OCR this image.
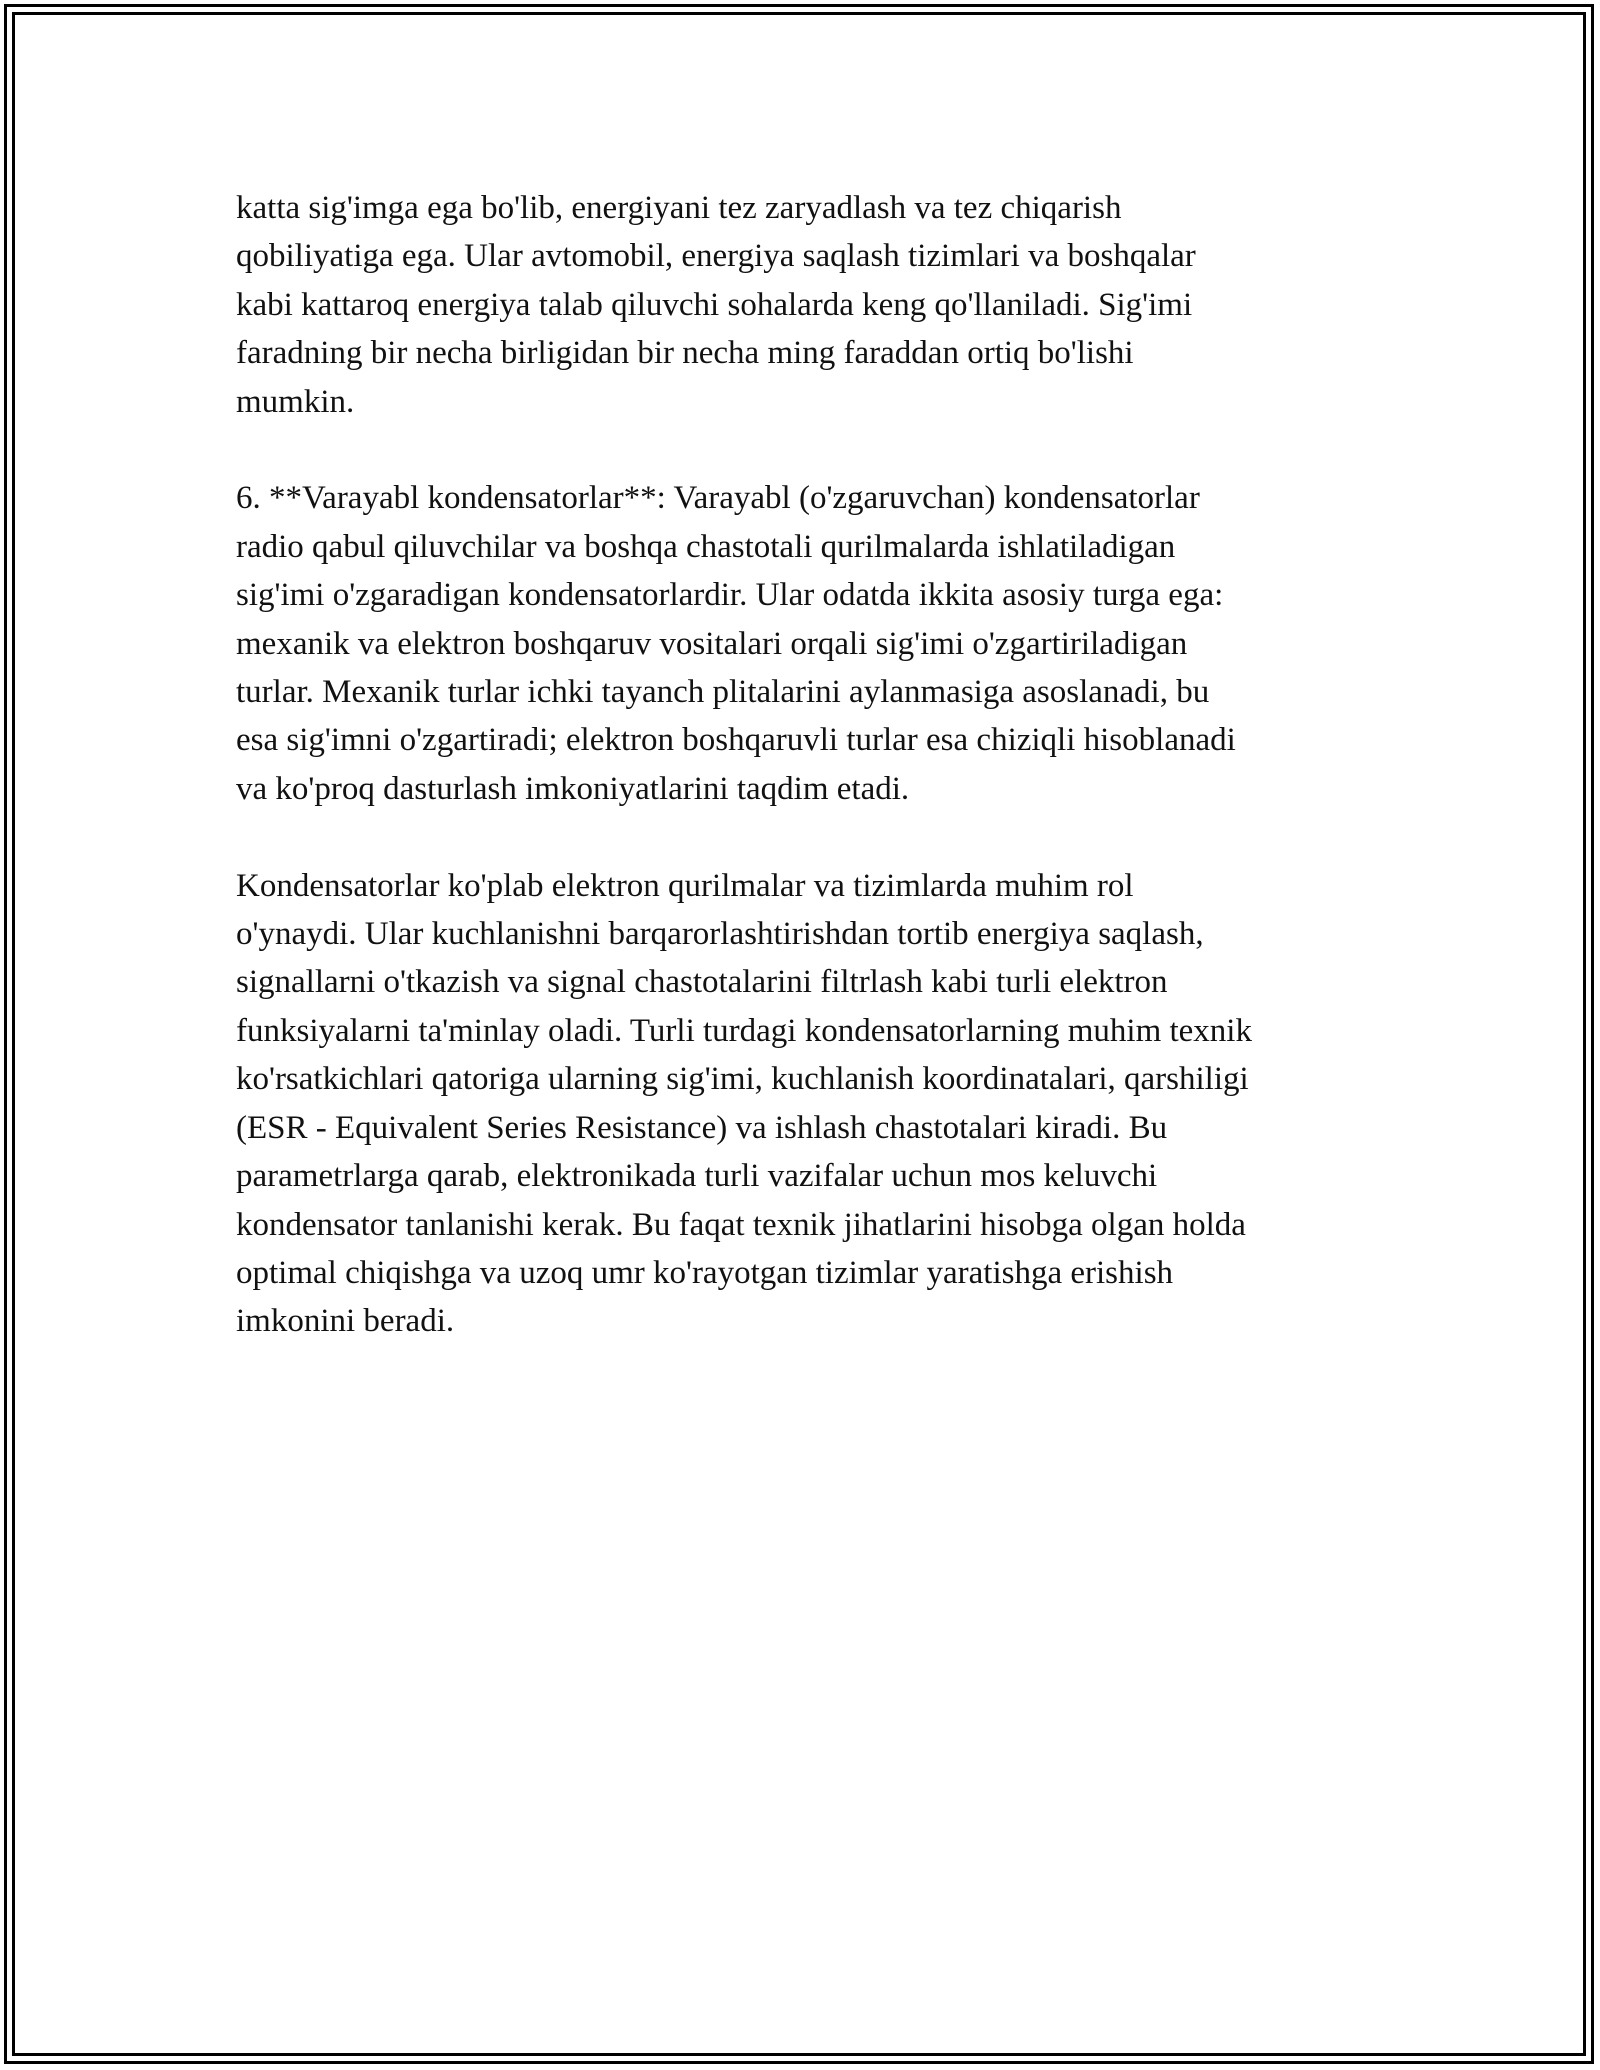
katta sig'imga ega bo'lib, energiyani tez zaryadlash va tez chiqarish
qobiliyatiga ega. Ular avtomobil, energiya saqlash tizimlari va boshqalar
kabi kattaroq energiya talab qiluvchi sohalarda keng qo'llaniladi. Sig'imi
faradning bir necha birligidan bir necha ming faraddan ortiq bo'lishi
mumkin.

6. **Varayabl kondensatorlar**: Varayabl (o'zgaruvchan) kondensatorlar
radio qabul qiluvchilar va boshqa chastotali qurilmalarda ishlatiladigan
sig'imi o'zgaradigan kondensatorlardir. Ular odatda ikkita asosiy turga ega:
mexanik va elektron boshqaruv vositalari orqali sig'imi o'zgartiriladigan
turlar. Mexanik turlar ichki tayanch plitalarini aylanmasiga asoslanadi, bu
esa sig'imni o'zgartiradi; elektron boshqaruvli turlar esa chiziqli hisoblanadi
va ko'proq dasturlash imkoniyatlarini taqdim etadi.

Kondensatorlar ko'plab elektron qurilmalar va tizimlarda muhim rol
o'ynaydi. Ular kuchlanishni barqarorlashtirishdan tortib energiya saqlash,
signallarni o'tkazish va signal chastotalarini filtrlash kabi turli elektron
funksiyalarni ta'minlay oladi. Turli turdagi kondensatorlarning muhim texnik
ko'rsatkichlari qatoriga ularning sig'imi, kuchlanish koordinatalari, qarshiligi
(ESR - Equivalent Series Resistance) va ishlash chastotalari kiradi. Bu
parametrlarga qarab, elektronikada turli vazifalar uchun mos keluvchi
kondensator tanlanishi kerak. Bu faqat texnik jihatlarini hisobga olgan holda
optimal chiqishga va uzoq umr ko'rayotgan tizimlar yaratishga erishish
imkonini beradi.
